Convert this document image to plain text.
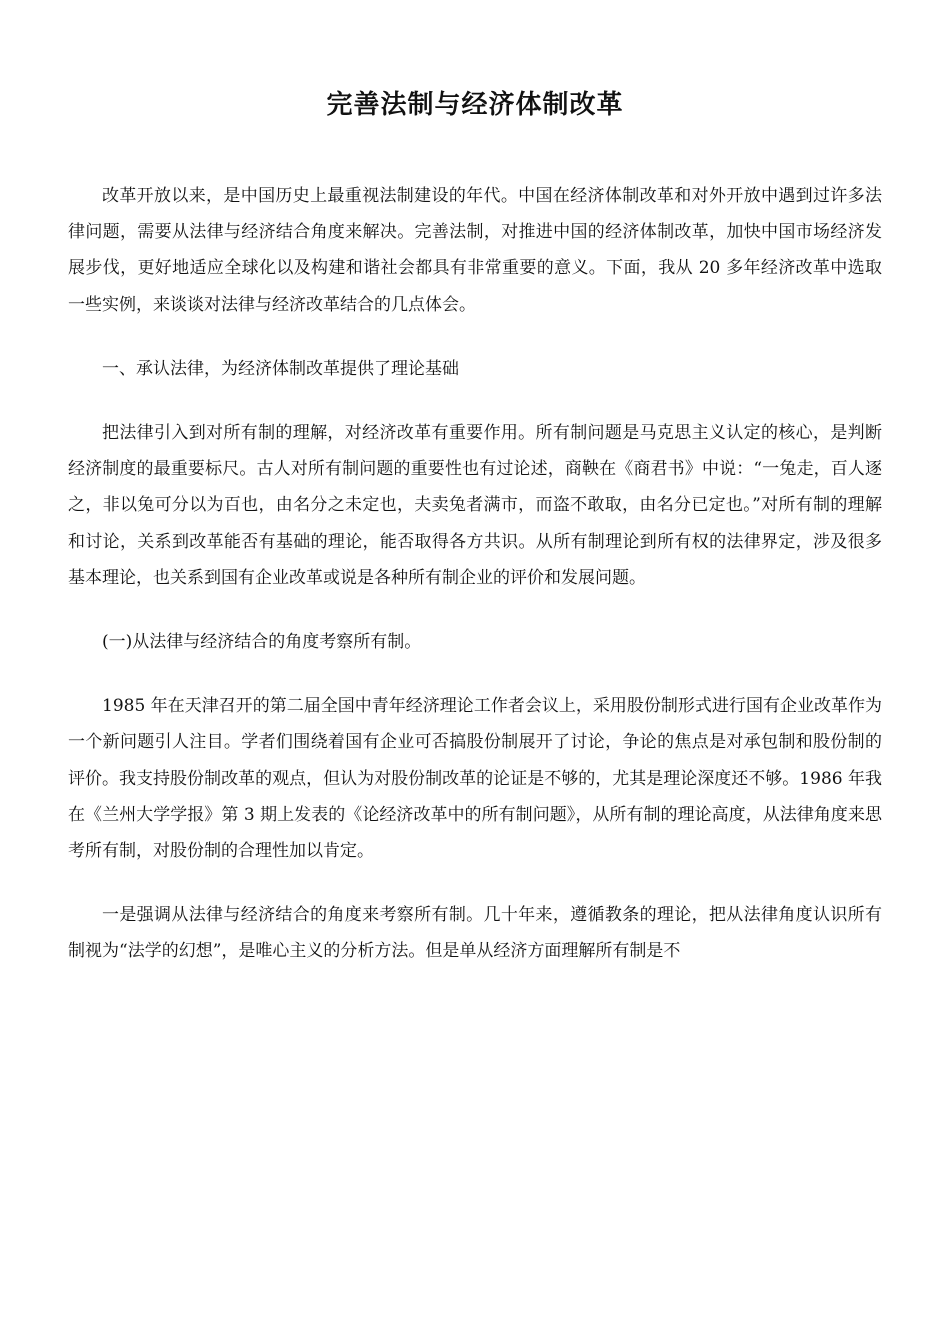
完善法制与经济体制改革

改革开放以来，是中国历史上最重视法制建设的年代。中国在经济体制改革和对外开放中遇到过许多法律问题，需要从法律与经济结合角度来解决。完善法制，对推进中国的经济体制改革，加快中国市场经济发展步伐，更好地适应全球化以及构建和谐社会都具有非常重要的意义。下面，我从 20 多年经济改革中选取一些实例，来谈谈对法律与经济改革结合的几点体会。

一、承认法律，为经济体制改革提供了理论基础

把法律引入到对所有制的理解，对经济改革有重要作用。所有制问题是马克思主义认定的核心，是判断经济制度的最重要标尺。古人对所有制问题的重要性也有过论述，商鞅在《商君书》中说：“一兔走，百人逐之，非以兔可分以为百也，由名分之未定也，夫卖兔者满市，而盗不敢取，由名分已定也。”对所有制的理解和讨论，关系到改革能否有基础的理论，能否取得各方共识。从所有制理论到所有权的法律界定，涉及很多基本理论，也关系到国有企业改革或说是各种所有制企业的评价和发展问题。

(一)从法律与经济结合的角度考察所有制。

1985 年在天津召开的第二届全国中青年经济理论工作者会议上，采用股份制形式进行国有企业改革作为一个新问题引人注目。学者们围绕着国有企业可否搞股份制展开了讨论，争论的焦点是对承包制和股份制的评价。我支持股份制改革的观点，但认为对股份制改革的论证是不够的，尤其是理论深度还不够。1986 年我在《兰州大学学报》第 3 期上发表的《论经济改革中的所有制问题》，从所有制的理论高度，从法律角度来思考所有制，对股份制的合理性加以肯定。

一是强调从法律与经济结合的角度来考察所有制。几十年来，遵循教条的理论，把从法律角度认识所有制视为“法学的幻想”，是唯心主义的分析方法。但是单从经济方面理解所有制是不
